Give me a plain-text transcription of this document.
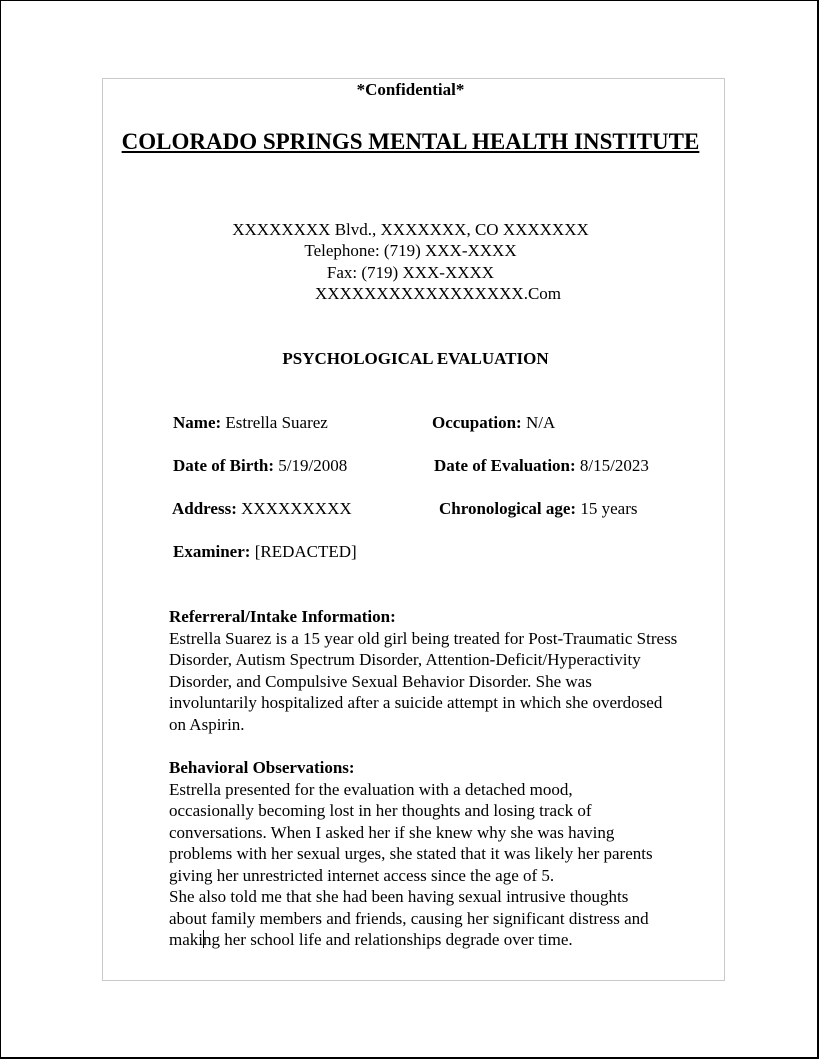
*Confidential*
COLORADO SPRINGS MENTAL HEALTH INSTITUTE
XXXXXXXX Blvd., XXXXXXX, CO XXXXXXX
Telephone: (719) XXX-XXXX
Fax: (719) XXX-XXXX
XXXXXXXXXXXXXXXXX.Com
PSYCHOLOGICAL EVALUATION
Name: Estrella Suarez	Occupation: N/A
Date of Birth: 5/19/2008	Date of Evaluation: 8/15/2023
Address: XXXXXXXXX	Chronological age: 15 years
Examiner: [REDACTED]
Referreral/Intake Information:
Estrella Suarez is a 15 year old girl being treated for Post-Traumatic Stress
Disorder, Autism Spectrum Disorder, Attention-Deficit/Hyperactivity
Disorder, and Compulsive Sexual Behavior Disorder. She was
involuntarily hospitalized after a suicide attempt in which she overdosed
on Aspirin.
Behavioral Observations:
Estrella presented for the evaluation with a detached mood,
occasionally becoming lost in her thoughts and losing track of
conversations. When I asked her if she knew why she was having
problems with her sexual urges, she stated that it was likely her parents
giving her unrestricted internet access since the age of 5.
She also told me that she had been having sexual intrusive thoughts
about family members and friends, causing her significant distress and
making her school life and relationships degrade over time.
